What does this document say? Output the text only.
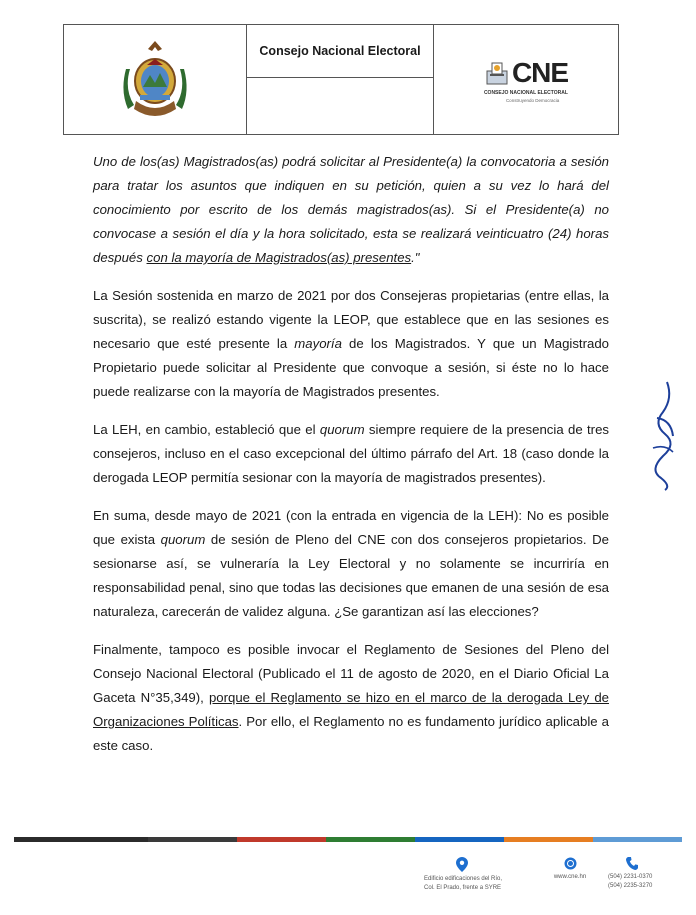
Consejo Nacional Electoral
CNE
CONSEJO NACIONAL ELECTORAL
Construyendo Democracia

Uno de los(as) Magistrados(as) podrá solicitar al Presidente(a) la convocatoria a sesión para tratar los asuntos que indiquen en su petición, quien a su vez lo hará del conocimiento por escrito de los demás magistrados(as). Si el Presidente(a) no convocase a sesión el día y la hora solicitado, esta se realizará veinticuatro (24) horas después con la mayoría de Magistrados(as) presentes."

La Sesión sostenida en marzo de 2021 por dos Consejeras propietarias (entre ellas, la suscrita), se realizó estando vigente la LEOP, que establece que en las sesiones es necesario que esté presente la mayoría de los Magistrados. Y que un Magistrado Propietario puede solicitar al Presidente que convoque a sesión, si éste no lo hace puede realizarse con la mayoría de Magistrados presentes.

La LEH, en cambio, estableció que el quorum siempre requiere de la presencia de tres consejeros, incluso en el caso excepcional del último párrafo del Art. 18 (caso donde la derogada LEOP permitía sesionar con la mayoría de magistrados presentes).

En suma, desde mayo de 2021 (con la entrada en vigencia de la LEH): No es posible que exista quorum de sesión de Pleno del CNE con dos consejeros propietarios. De sesionarse así, se vulneraría la Ley Electoral y no solamente se incurriría en responsabilidad penal, sino que todas las decisiones que emanen de una sesión de esa naturaleza, carecerán de validez alguna. ¿Se garantizan así las elecciones?

Finalmente, tampoco es posible invocar el Reglamento de Sesiones del Pleno del Consejo Nacional Electoral (Publicado el 11 de agosto de 2020, en el Diario Oficial La Gaceta N°35,349), porque el Reglamento se hizo en el marco de la derogada Ley de Organizaciones Políticas. Por ello, el Reglamento no es fundamento jurídico aplicable a este caso.

Edificio edificaciones del Río,
Col. El Prado, frente a SYRE
www.cne.hn	(504) 2231-0370
(504) 2235-3270
